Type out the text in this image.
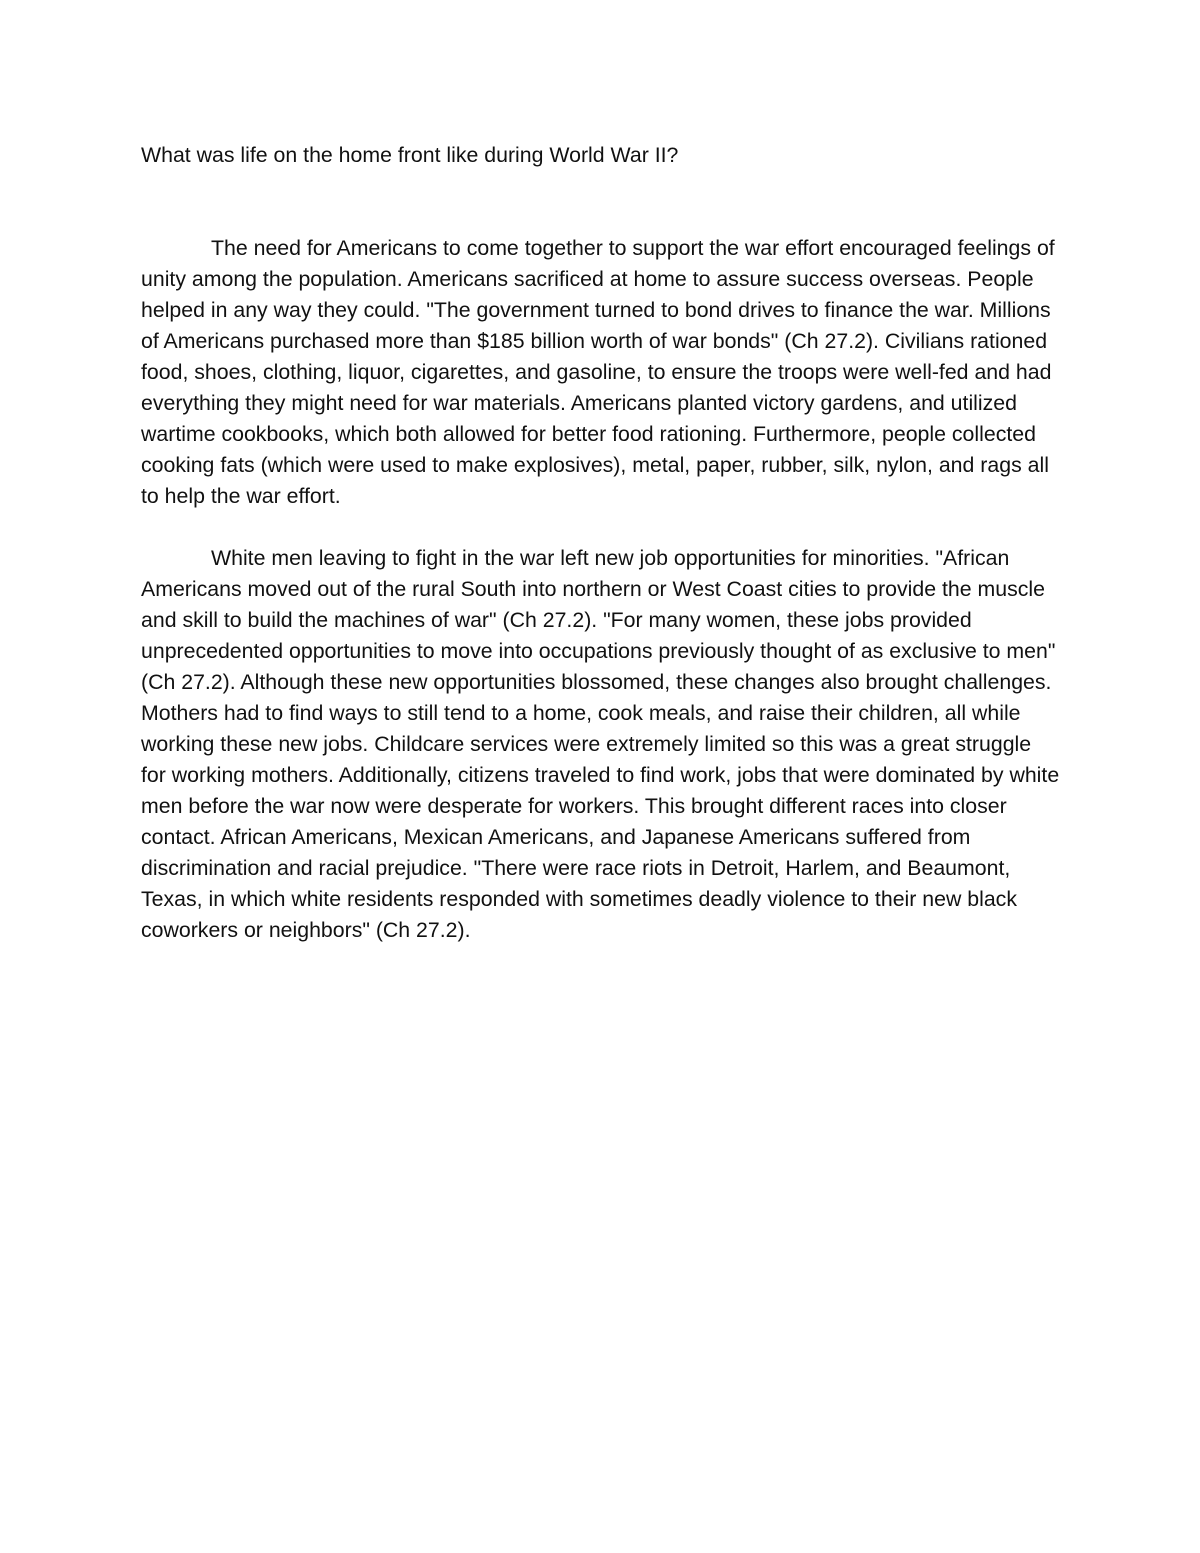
What was life on the home front like during World War II?

The need for Americans to come together to support the war effort encouraged feelings of unity among the population. Americans sacrificed at home to assure success overseas. People helped in any way they could. "The government turned to bond drives to finance the war. Millions of Americans purchased more than $185 billion worth of war bonds" (Ch 27.2). Civilians rationed food, shoes, clothing, liquor, cigarettes, and gasoline, to ensure the troops were well-fed and had everything they might need for war materials. Americans planted victory gardens, and utilized wartime cookbooks, which both allowed for better food rationing. Furthermore, people collected cooking fats (which were used to make explosives), metal, paper, rubber, silk, nylon, and rags all to help the war effort.

White men leaving to fight in the war left new job opportunities for minorities. "African Americans moved out of the rural South into northern or West Coast cities to provide the muscle and skill to build the machines of war" (Ch 27.2). "For many women, these jobs provided unprecedented opportunities to move into occupations previously thought of as exclusive to men" (Ch 27.2). Although these new opportunities blossomed, these changes also brought challenges. Mothers had to find ways to still tend to a home, cook meals, and raise their children, all while working these new jobs. Childcare services were extremely limited so this was a great struggle for working mothers. Additionally, citizens traveled to find work, jobs that were dominated by white men before the war now were desperate for workers. This brought different races into closer contact. African Americans, Mexican Americans, and Japanese Americans suffered from discrimination and racial prejudice. "There were race riots in Detroit, Harlem, and Beaumont, Texas, in which white residents responded with sometimes deadly violence to their new black coworkers or neighbors" (Ch 27.2).
